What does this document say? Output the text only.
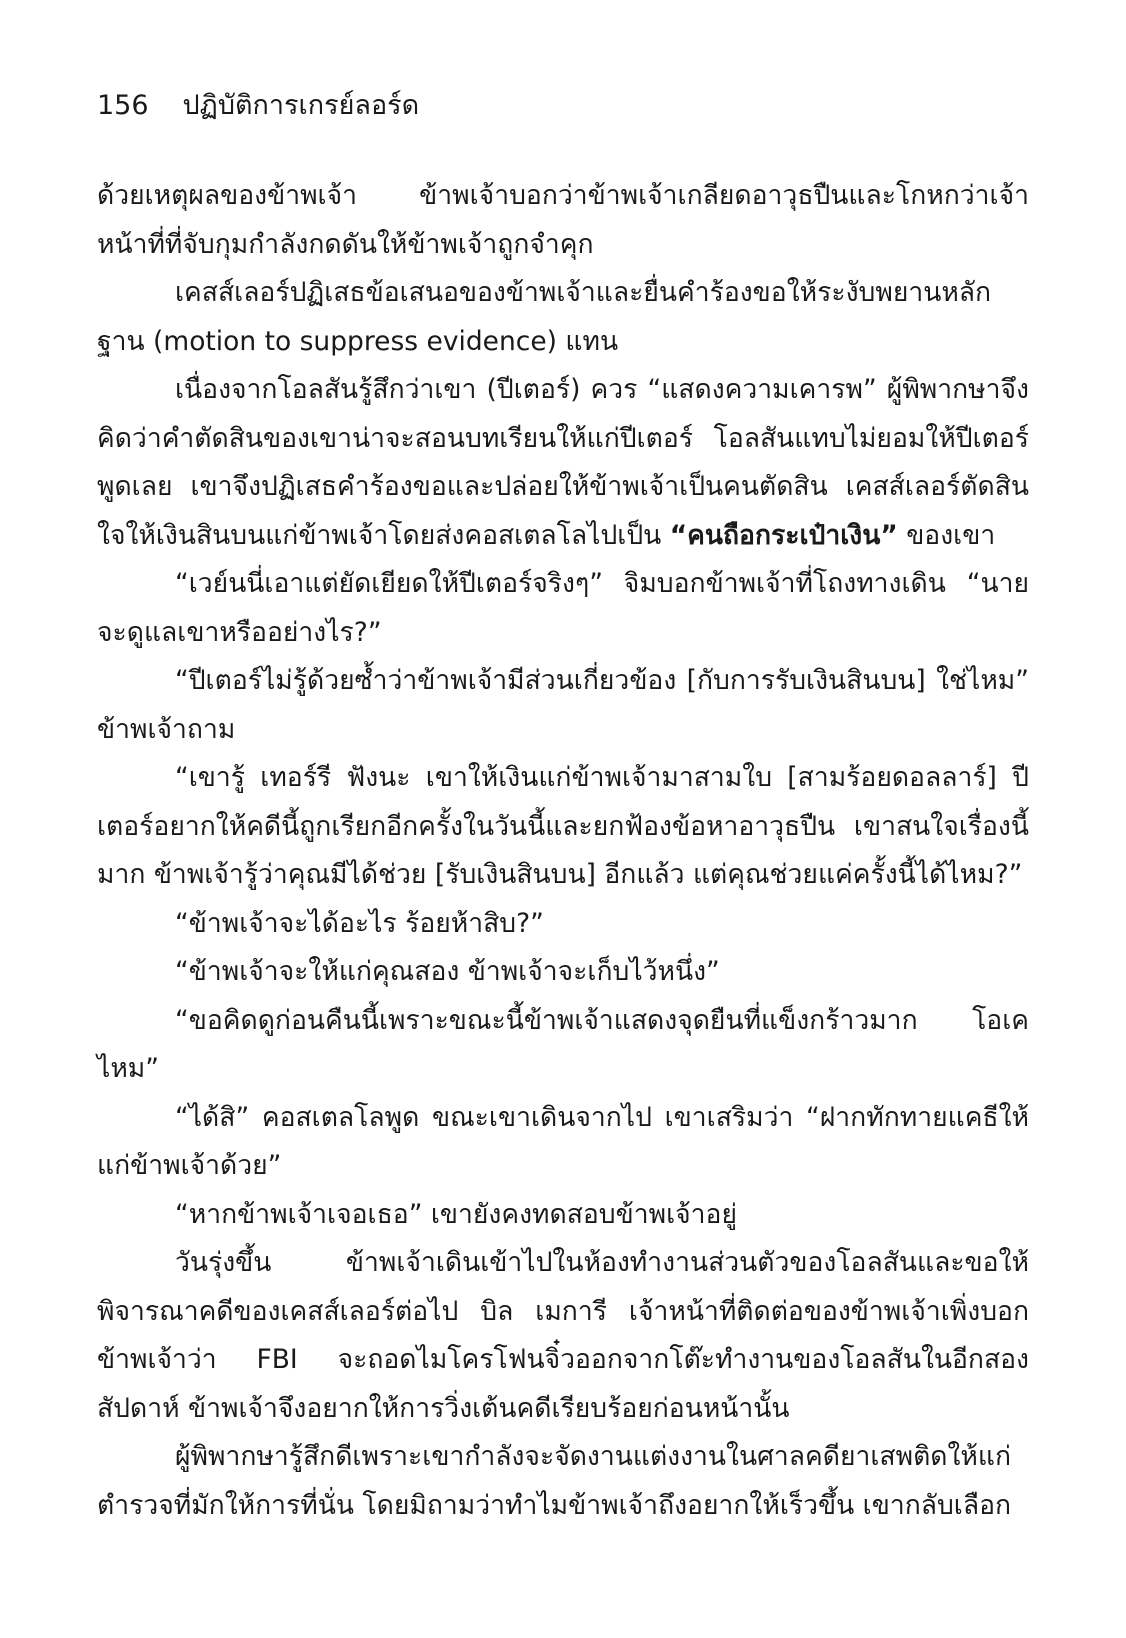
156 ปฏิบัติการเกรย์ลอร์ด

ด้วยเหตุผลของข้าพเจ้า ข้าพเจ้าบอกว่าข้าพเจ้าเกลียดอาวุธปืนและโกหกว่าเจ้าหน้าที่ที่จับกุมกำลังกดดันให้ข้าพเจ้าถูกจำคุก

เคสส์เลอร์ปฏิเสธข้อเสนอของข้าพเจ้าและยื่นคำร้องขอให้ระงับพยานหลักฐาน (motion to suppress evidence) แทน

เนื่องจากโอลสันรู้สึกว่าเขา (ปีเตอร์) ควร “แสดงความเคารพ” ผู้พิพากษาจึงคิดว่าคำตัดสินของเขาน่าจะสอนบทเรียนให้แก่ปีเตอร์ โอลสันแทบไม่ยอมให้ปีเตอร์พูดเลย เขาจึงปฏิเสธคำร้องขอและปล่อยให้ข้าพเจ้าเป็นคนตัดสิน เคสส์เลอร์ตัดสินใจให้เงินสินบนแก่ข้าพเจ้าโดยส่งคอสเตลโลไปเป็น “คนถือกระเป๋าเงิน” ของเขา

“เวย์นนี่เอาแต่ยัดเยียดให้ปีเตอร์จริงๆ” จิมบอกข้าพเจ้าที่โถงทางเดิน “นายจะดูแลเขาหรืออย่างไร?”

“ปีเตอร์ไม่รู้ด้วยซ้ำว่าข้าพเจ้ามีส่วนเกี่ยวข้อง [กับการรับเงินสินบน] ใช่ไหม” ข้าพเจ้าถาม

“เขารู้ เทอร์รี ฟังนะ เขาให้เงินแก่ข้าพเจ้ามาสามใบ [สามร้อยดอลลาร์] ปีเตอร์อยากให้คดีนี้ถูกเรียกอีกครั้งในวันนี้และยกฟ้องข้อหาอาวุธปืน เขาสนใจเรื่องนี้มาก ข้าพเจ้ารู้ว่าคุณมีได้ช่วย [รับเงินสินบน] อีกแล้ว แต่คุณช่วยแค่ครั้งนี้ได้ไหม?”

“ข้าพเจ้าจะได้อะไร ร้อยห้าสิบ?”

“ข้าพเจ้าจะให้แก่คุณสอง ข้าพเจ้าจะเก็บไว้หนึ่ง”

“ขอคิดดูก่อนคืนนี้เพราะขณะนี้ข้าพเจ้าแสดงจุดยืนที่แข็งกร้าวมาก โอเคไหม”

“ได้สิ” คอสเตลโลพูด ขณะเขาเดินจากไป เขาเสริมว่า “ฝากทักทายแคธีให้แก่ข้าพเจ้าด้วย”

“หากข้าพเจ้าเจอเธอ” เขายังคงทดสอบข้าพเจ้าอยู่

วันรุ่งขึ้น ข้าพเจ้าเดินเข้าไปในห้องทำงานส่วนตัวของโอลสันและขอให้พิจารณาคดีของเคสส์เลอร์ต่อไป บิล เมการี เจ้าหน้าที่ติดต่อของข้าพเจ้าเพิ่งบอกข้าพเจ้าว่า FBI จะถอดไมโครโฟนจิ๋วออกจากโต๊ะทำงานของโอลสันในอีกสองสัปดาห์ ข้าพเจ้าจึงอยากให้การวิ่งเต้นคดีเรียบร้อยก่อนหน้านั้น

ผู้พิพากษารู้สึกดีเพราะเขากำลังจะจัดงานแต่งงานในศาลคดียาเสพติดให้แก่ตำรวจที่มักให้การที่นั่น โดยมิถามว่าทำไมข้าพเจ้าถึงอยากให้เร็วขึ้น เขากลับเลือก
